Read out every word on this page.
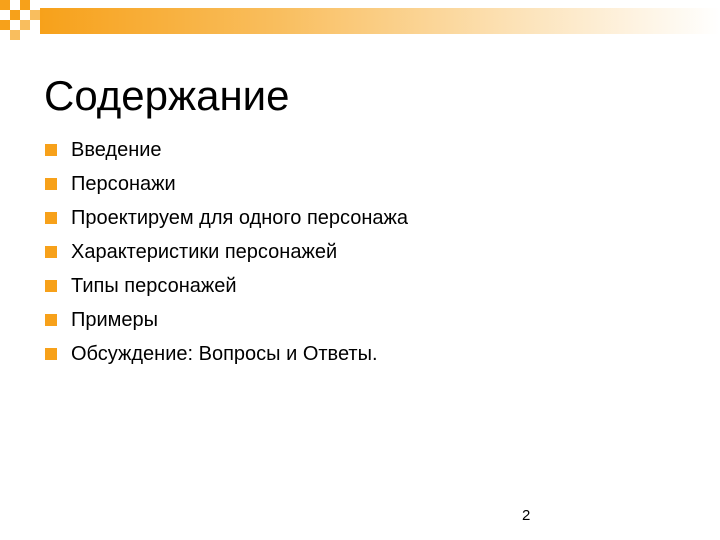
Содержание
Введение
Персонажи
Проектируем для одного персонажа
Характеристики персонажей
Типы персонажей
Примеры
Обсуждение: Вопросы и Ответы.
2
